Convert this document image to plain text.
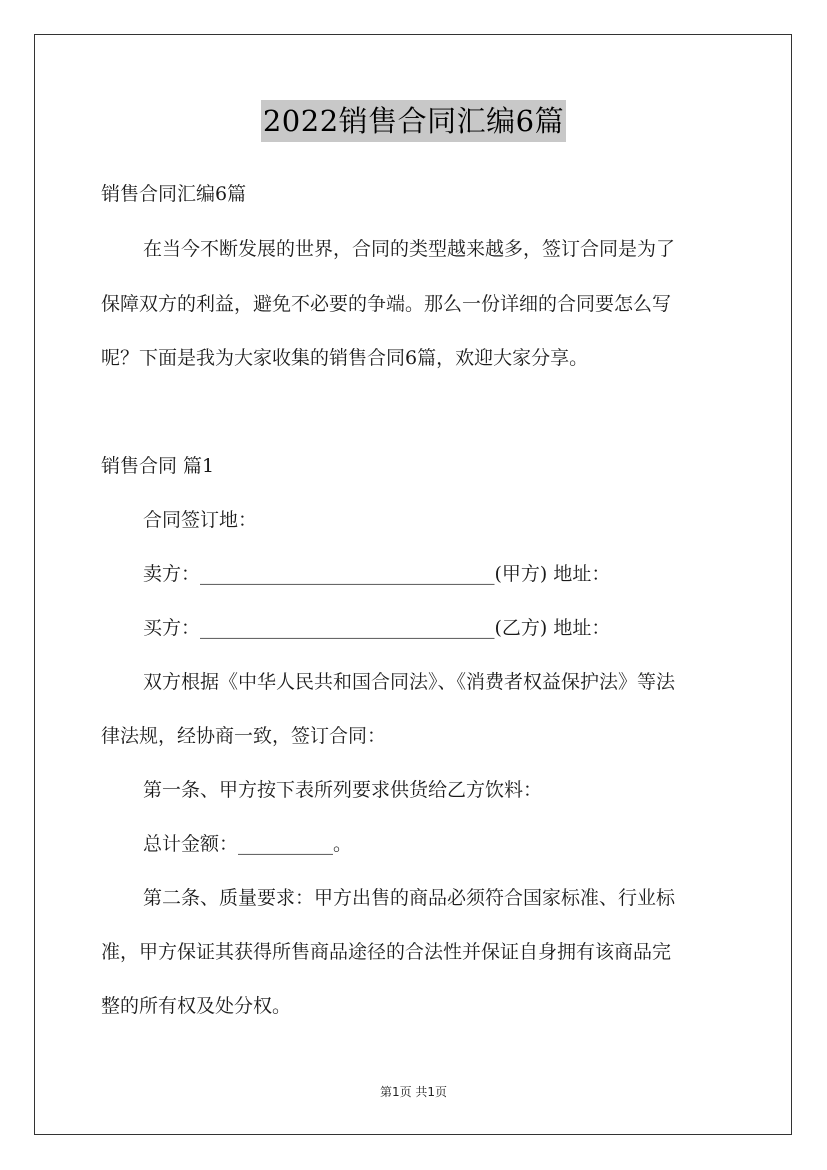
2022销售合同汇编6篇
销售合同汇编6篇
在当今不断发展的世界，合同的类型越来越多，签订合同是为了
保障双方的利益，避免不必要的争端。那么一份详细的合同要怎么写
呢？下面是我为大家收集的销售合同6篇，欢迎大家分享。
销售合同 篇1
合同签订地：
卖方：_______________________________(甲方) 地址：
买方：_______________________________(乙方) 地址：
双方根据《中华人民共和国合同法》、《消费者权益保护法》等法
律法规，经协商一致，签订合同：
第一条、甲方按下表所列要求供货给乙方饮料：
总计金额：__________。
第二条、质量要求：甲方出售的商品必须符合国家标准、行业标
准，甲方保证其获得所售商品途径的合法性并保证自身拥有该商品完
整的所有权及处分权。
第1页 共1页
